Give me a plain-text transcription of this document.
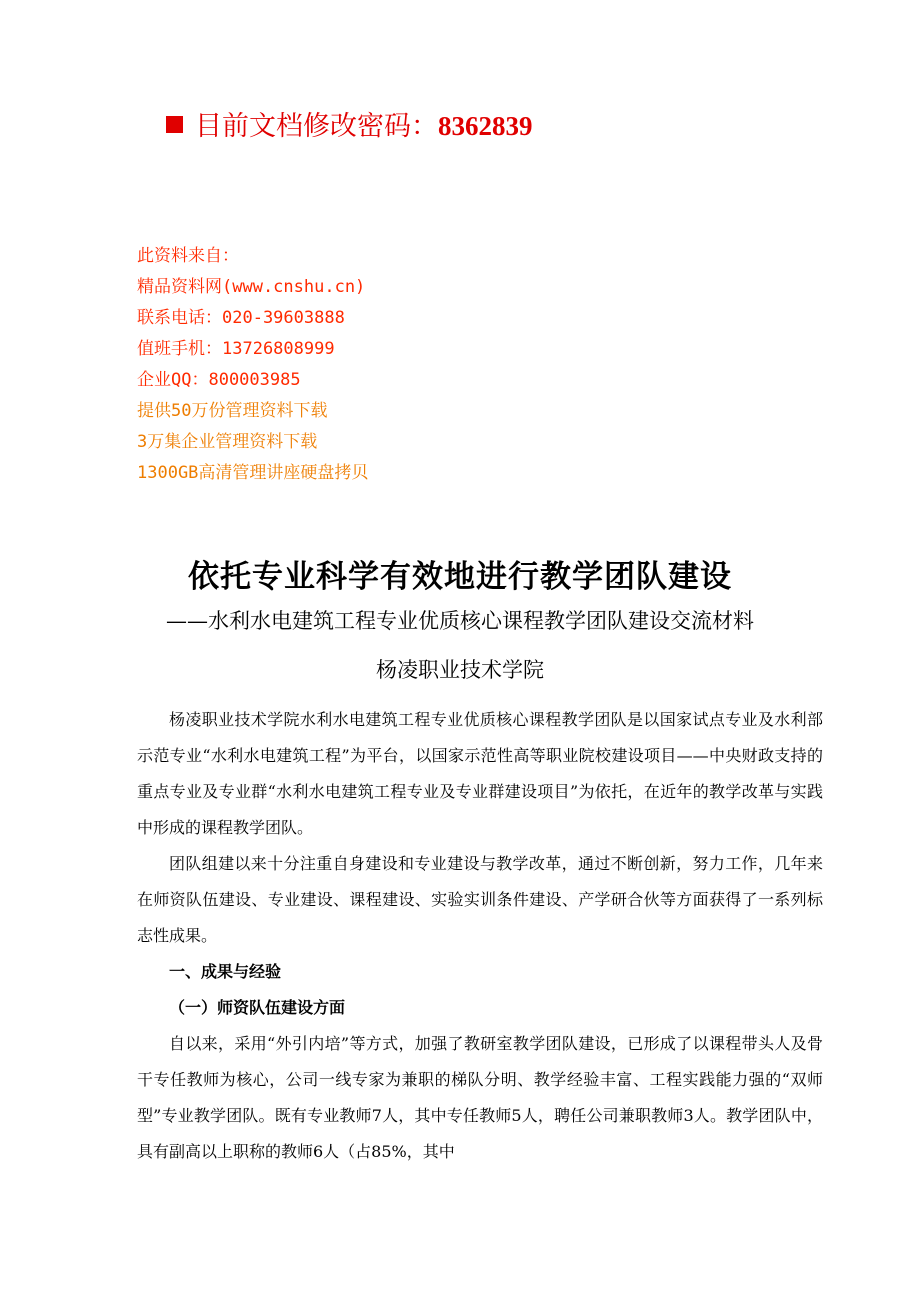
目前文档修改密码：8362839
此资料来自：
精品资料网(www.cnshu.cn)
联系电话：020-39603888
值班手机：13726808999
企业QQ：800003985
提供50万份管理资料下载
3万集企业管理资料下载
1300GB高清管理讲座硬盘拷贝
依托专业科学有效地进行教学团队建设
——水利水电建筑工程专业优质核心课程教学团队建设交流材料
杨凌职业技术学院

杨凌职业技术学院水利水电建筑工程专业优质核心课程教学团队是以国家试点专业及水利部示范专业“水利水电建筑工程”为平台，以国家示范性高等职业院校建设项目——中央财政支持的重点专业及专业群“水利水电建筑工程专业及专业群建设项目”为依托，在近年的教学改革与实践中形成的课程教学团队。

团队组建以来十分注重自身建设和专业建设与教学改革，通过不断创新，努力工作，几年来在师资队伍建设、专业建设、课程建设、实验实训条件建设、产学研合伙等方面获得了一系列标志性成果。

一、成果与经验
（一）师资队伍建设方面

自以来，采用“外引内培”等方式，加强了教研室教学团队建设，已形成了以课程带头人及骨干专任教师为核心，公司一线专家为兼职的梯队分明、教学经验丰富、工程实践能力强的“双师型”专业教学团队。既有专业教师7人，其中专任教师5人，聘任公司兼职教师3人。教学团队中，具有副高以上职称的教师6人（占85%，其中
